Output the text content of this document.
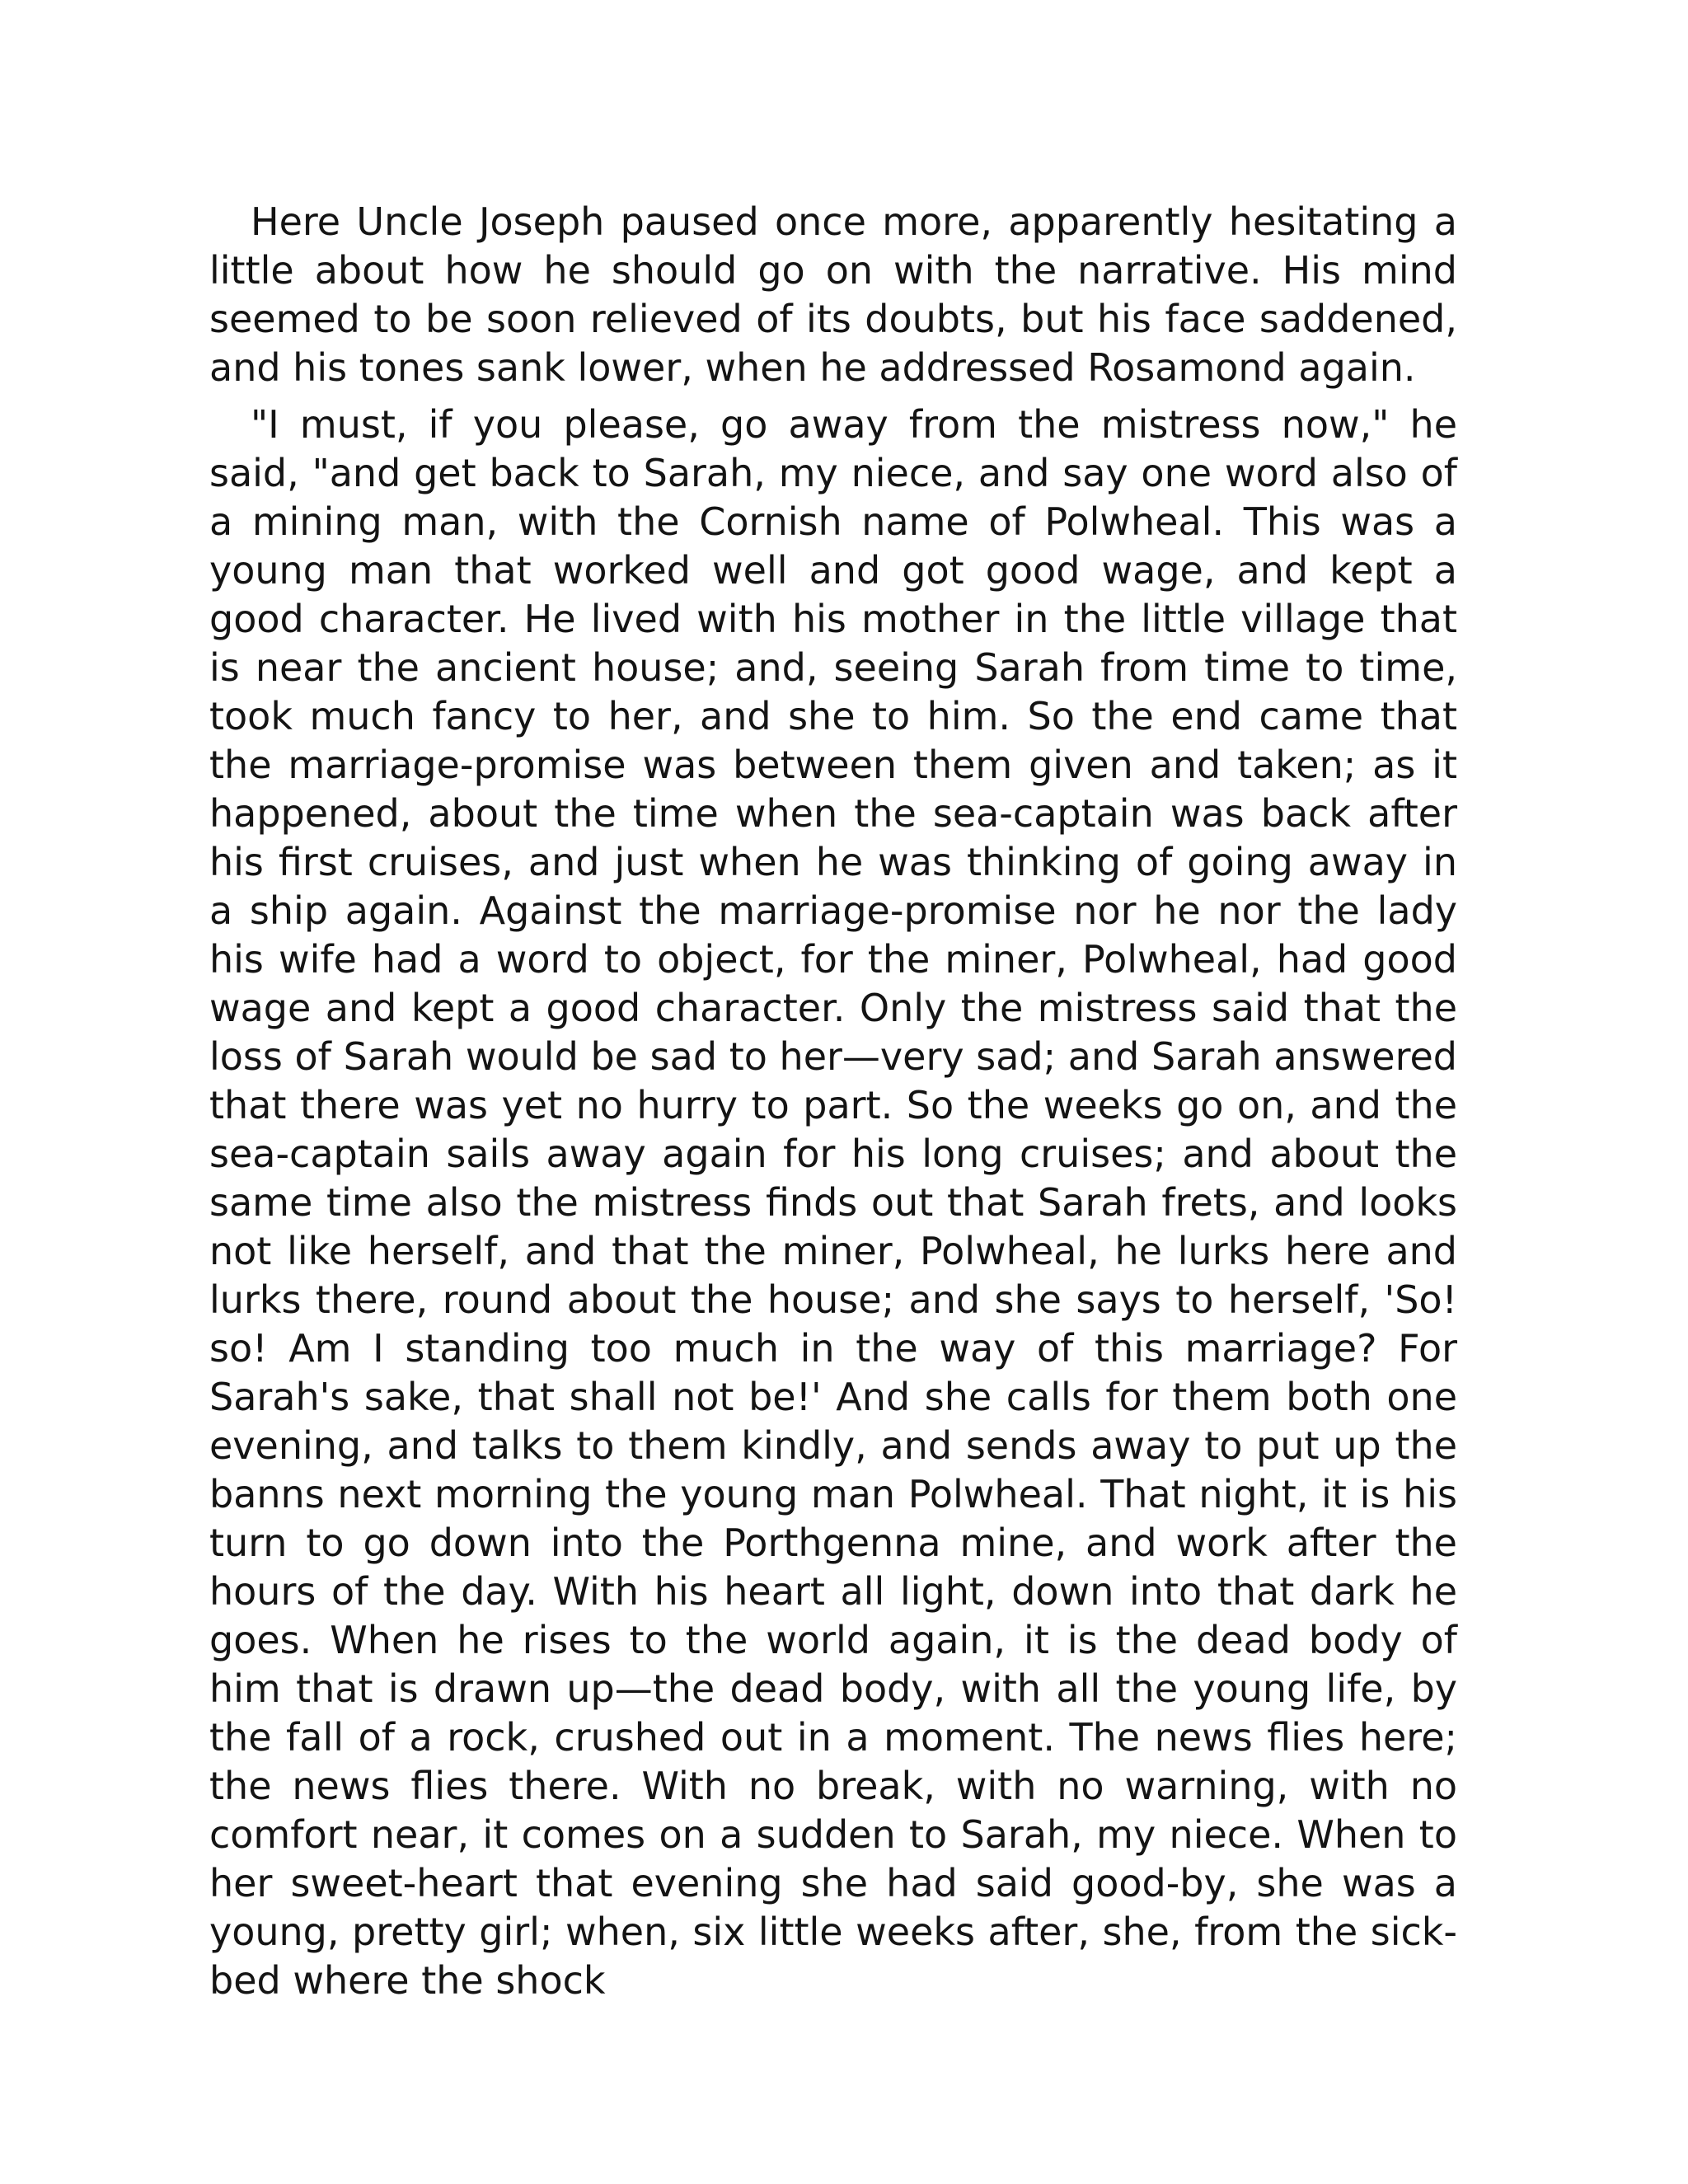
Here Uncle Joseph paused once more, apparently hesitating a little about how he should go on with the narrative. His mind seemed to be soon relieved of its doubts, but his face saddened, and his tones sank lower, when he addressed Rosamond again.

"I must, if you please, go away from the mistress now," he said, "and get back to Sarah, my niece, and say one word also of a mining man, with the Cornish name of Polwheal. This was a young man that worked well and got good wage, and kept a good character. He lived with his mother in the little village that is near the ancient house; and, seeing Sarah from time to time, took much fancy to her, and she to him. So the end came that the marriage-promise was between them given and taken; as it happened, about the time when the sea-captain was back after his first cruises, and just when he was thinking of going away in a ship again. Against the marriage-promise nor he nor the lady his wife had a word to object, for the miner, Polwheal, had good wage and kept a good character. Only the mistress said that the loss of Sarah would be sad to her—very sad; and Sarah answered that there was yet no hurry to part. So the weeks go on, and the sea-captain sails away again for his long cruises; and about the same time also the mistress finds out that Sarah frets, and looks not like herself, and that the miner, Polwheal, he lurks here and lurks there, round about the house; and she says to herself, 'So! so! Am I standing too much in the way of this marriage? For Sarah's sake, that shall not be!' And she calls for them both one evening, and talks to them kindly, and sends away to put up the banns next morning the young man Polwheal. That night, it is his turn to go down into the Porthgenna mine, and work after the hours of the day. With his heart all light, down into that dark he goes. When he rises to the world again, it is the dead body of him that is drawn up—the dead body, with all the young life, by the fall of a rock, crushed out in a moment. The news flies here; the news flies there. With no break, with no warning, with no comfort near, it comes on a sudden to Sarah, my niece. When to her sweet-heart that evening she had said good-by, she was a young, pretty girl; when, six little weeks after, she, from the sick-bed where the shock
